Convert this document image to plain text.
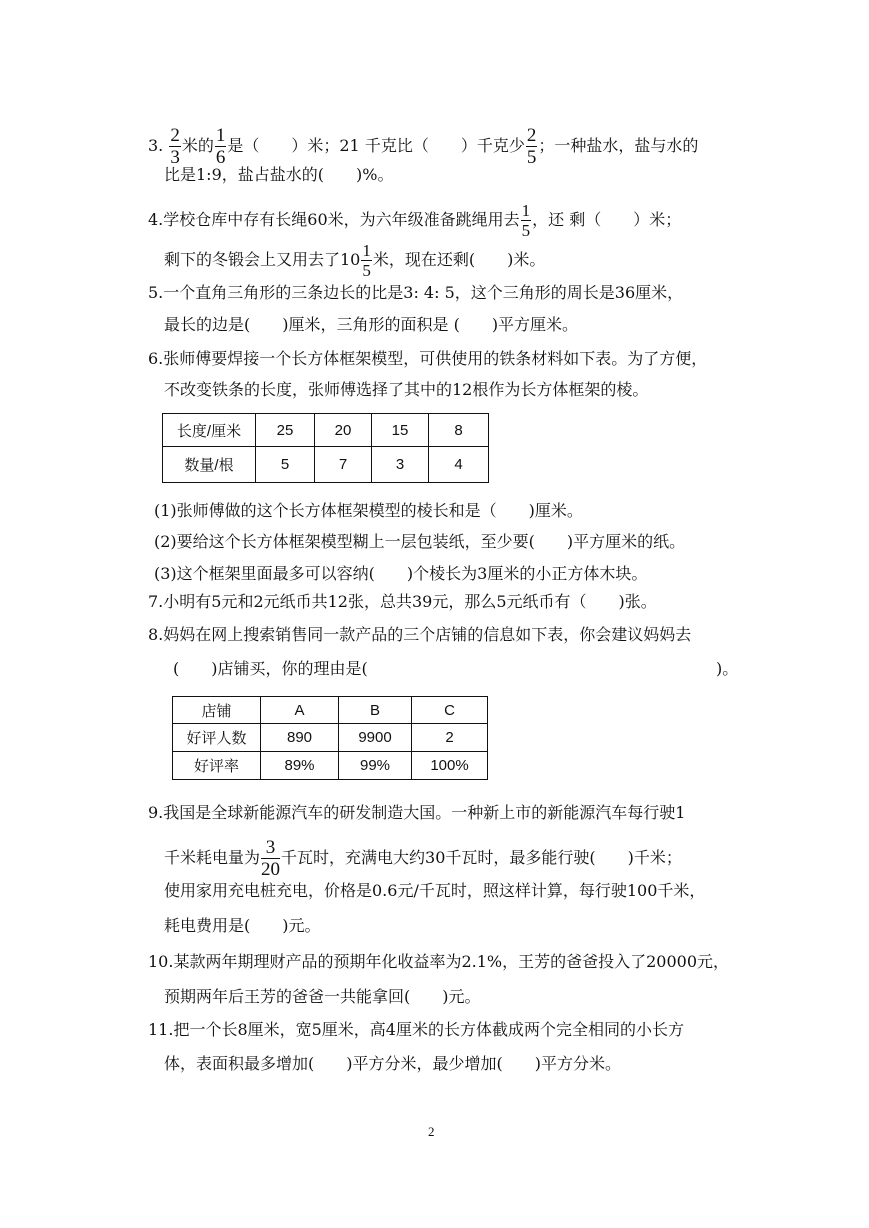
3. $\frac{2}{3}$ 米的 $\frac{1}{6}$ 是（　　）米；21 千克比（　　）千克少 $\frac{2}{5}$ ；一种盐水，盐与水的
比是1:9，盐占盐水的(　　)%。
4.学校仓库中存有长绳60米，为六年级准备跳绳用去 $\frac{1}{5}$ ，还 剩（　　）米；
剩下的冬锻会上又用去了$10 \frac{1}{5}$ 米，现在还剩(　　)米。
5.一个直角三角形的三条边长的比是3: 4: 5，这个三角形的周长是36厘米，
最长的边是(　　)厘米，三角形的面积是 (　　)平方厘米。
6.张师傅要焊接一个长方体框架模型，可供使用的铁条材料如下表。为了方便，
不改变铁条的长度，张师傅选择了其中的12根作为长方体框架的棱。
长度/厘米	25	20	15	8
数量/根	5	7	3	4
(1)张师傅做的这个长方体框架模型的棱长和是（　　)厘米。
(2)要给这个长方体框架模型糊上一层包装纸，至少要(　　)平方厘米的纸。
(3)这个框架里面最多可以容纳(　　)个棱长为3厘米的小正方体木块。
7.小明有5元和2元纸币共12张，总共39元，那么5元纸币有（　　)张。
8.妈妈在网上搜索销售同一款产品的三个店铺的信息如下表，你会建议妈妈去
(　　)店铺买，你的理由是(	)。
店铺	A	B	C
好评人数	890	9900	2
好评率	89%	99%	100%
9.我国是全球新能源汽车的研发制造大国。一种新上市的新能源汽车每行驶1
千米耗电量为 $\frac{3}{20}$ 千瓦时，充满电大约30千瓦时，最多能行驶(　　)千米；
使用家用充电桩充电，价格是0.6元/千瓦时，照这样计算，每行驶100千米，
耗电费用是(　　)元。
10.某款两年期理财产品的预期年化收益率为2.1%，王芳的爸爸投入了20000元，
预期两年后王芳的爸爸一共能拿回(　　)元。
11.把一个长8厘米，宽5厘米，高4厘米的长方体截成两个完全相同的小长方
体，表面积最多增加(　　)平方分米，最少增加(　　)平方分米。
2
